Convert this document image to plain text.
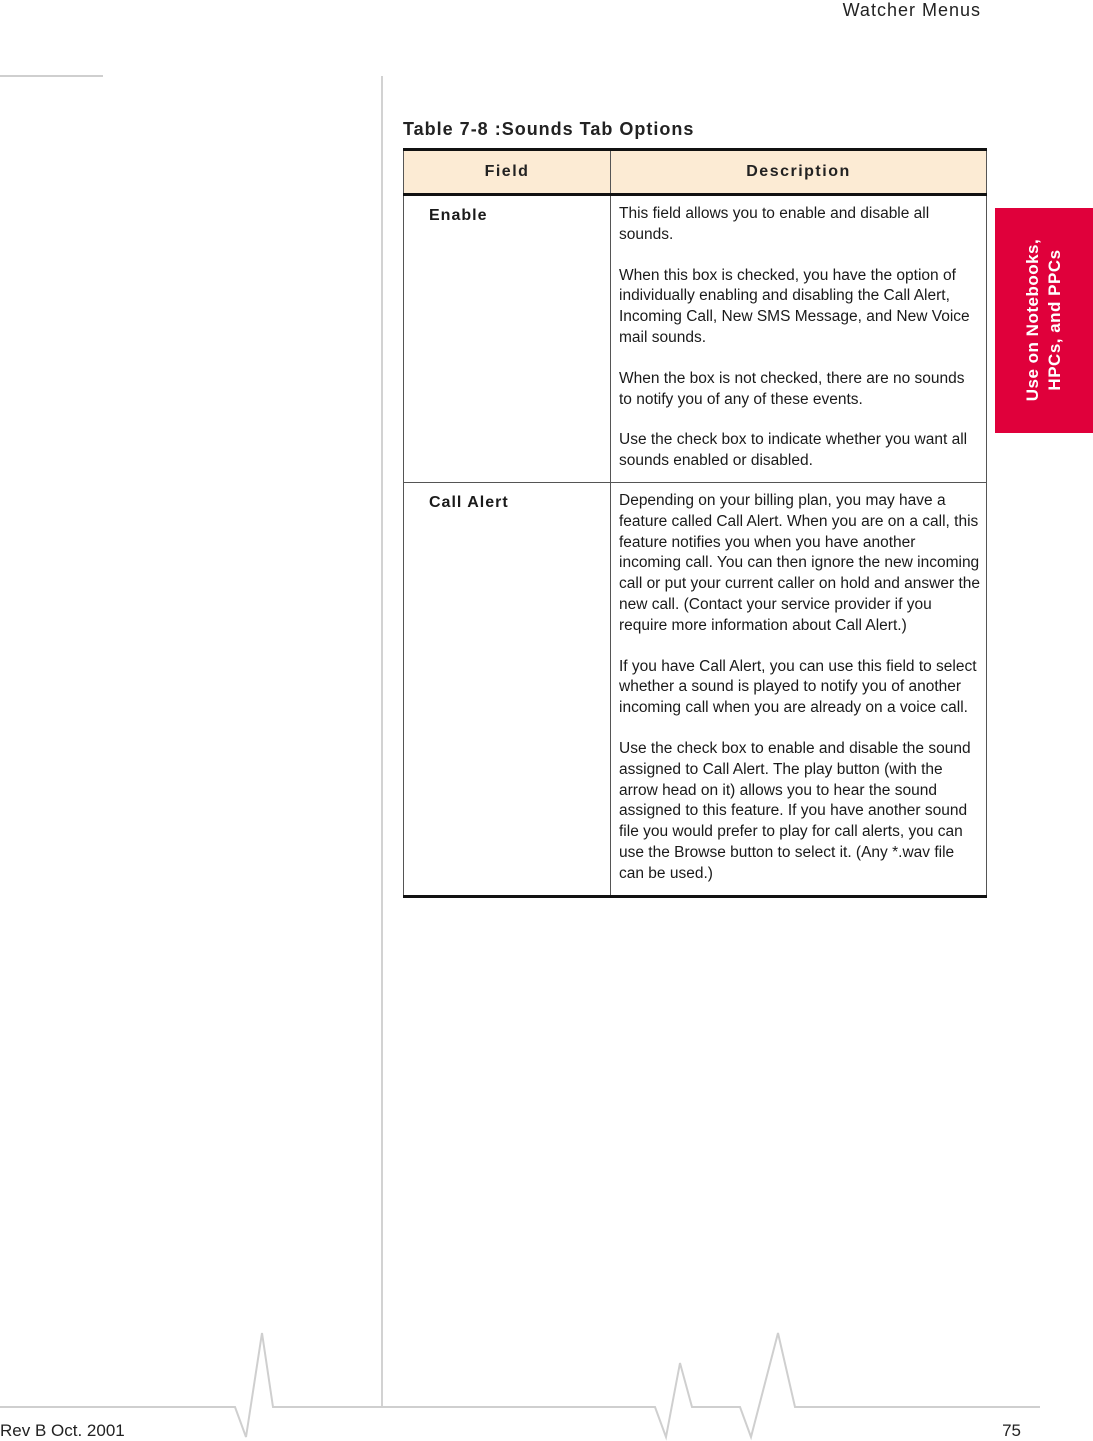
Watcher Menus
Use on Notebooks, HPCs, and PPCs
Table 7-8 :Sounds Tab Options
Field	Description
Enable	This field allows you to enable and disable all sounds.

When this box is checked, you have the option of individually enabling and disabling the Call Alert, Incoming Call, New SMS Message, and New Voice mail sounds.

When the box is not checked, there are no sounds to notify you of any of these events.

Use the check box to indicate whether you want all sounds enabled or disabled.

Call Alert	Depending on your billing plan, you may have a feature called Call Alert. When you are on a call, this feature notifies you when you have another incoming call. You can then ignore the new incoming call or put your current caller on hold and answer the new call. (Contact your service provider if you require more information about Call Alert.)

If you have Call Alert, you can use this field to select whether a sound is played to notify you of another incoming call when you are already on a voice call.

Use the check box to enable and disable the sound assigned to Call Alert. The play button (with the arrow head on it) allows you to hear the sound assigned to this feature. If you have another sound file you would prefer to play for call alerts, you can use the Browse button to select it. (Any *.wav file can be used.)

Rev B Oct. 2001	75
